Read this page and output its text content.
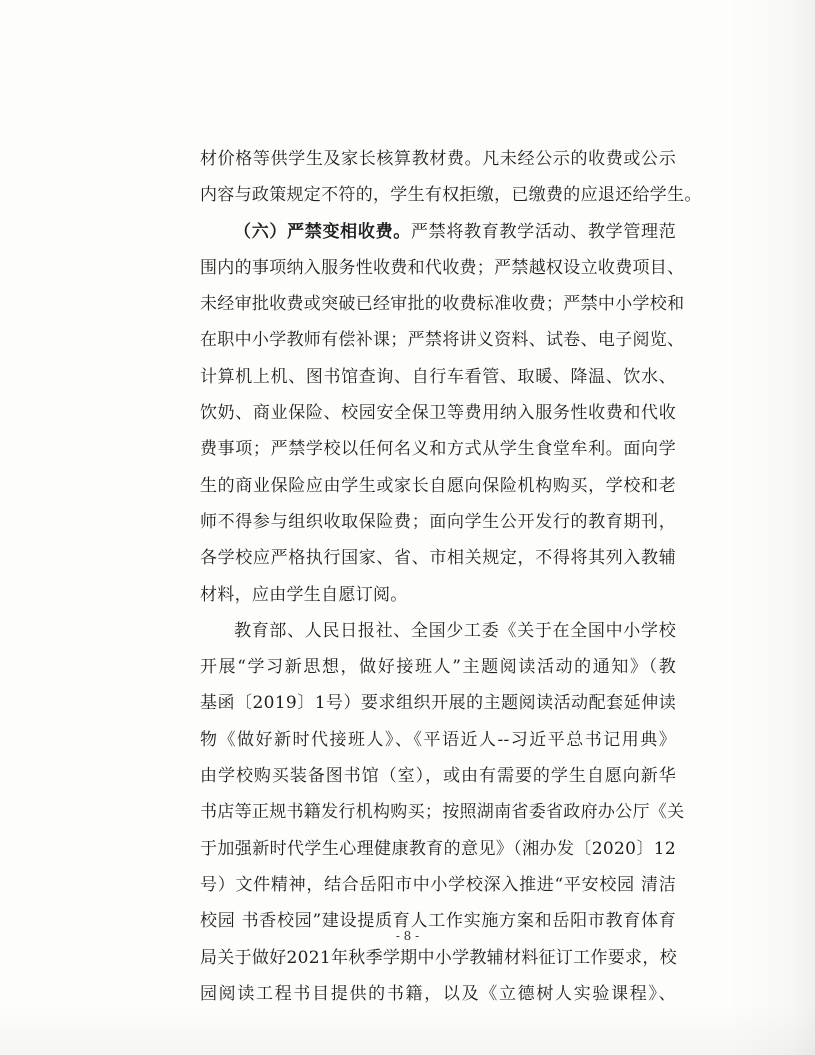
材价格等供学生及家长核算教材费。凡未经公示的收费或公示
内容与政策规定不符的，学生有权拒缴，已缴费的应退还给学生。
（六）严禁变相收费。严禁将教育教学活动、教学管理范
围内的事项纳入服务性收费和代收费；严禁越权设立收费项目、
未经审批收费或突破已经审批的收费标准收费；严禁中小学校和
在职中小学教师有偿补课；严禁将讲义资料、试卷、电子阅览、
计算机上机、图书馆查询、自行车看管、取暖、降温、饮水、
饮奶、商业保险、校园安全保卫等费用纳入服务性收费和代收
费事项；严禁学校以任何名义和方式从学生食堂牟利。面向学
生的商业保险应由学生或家长自愿向保险机构购买，学校和老
师不得参与组织收取保险费；面向学生公开发行的教育期刊，
各学校应严格执行国家、省、市相关规定，不得将其列入教辅
材料，应由学生自愿订阅。
教育部、人民日报社、全国少工委《关于在全国中小学校
开展“学习新思想，做好接班人”主题阅读活动的通知》（教
基函〔2019〕1号）要求组织开展的主题阅读活动配套延伸读
物《做好新时代接班人》、《平语近人--习近平总书记用典》
由学校购买装备图书馆（室），或由有需要的学生自愿向新华
书店等正规书籍发行机构购买；按照湖南省委省政府办公厅《关
于加强新时代学生心理健康教育的意见》（湘办发〔2020〕12
号）文件精神，结合岳阳市中小学校深入推进“平安校园 清洁
校园 书香校园”建设提质育人工作实施方案和岳阳市教育体育
局关于做好2021年秋季学期中小学教辅材料征订工作要求，校
园阅读工程书目提供的书籍，以及《立德树人实验课程》、
- 8 -
